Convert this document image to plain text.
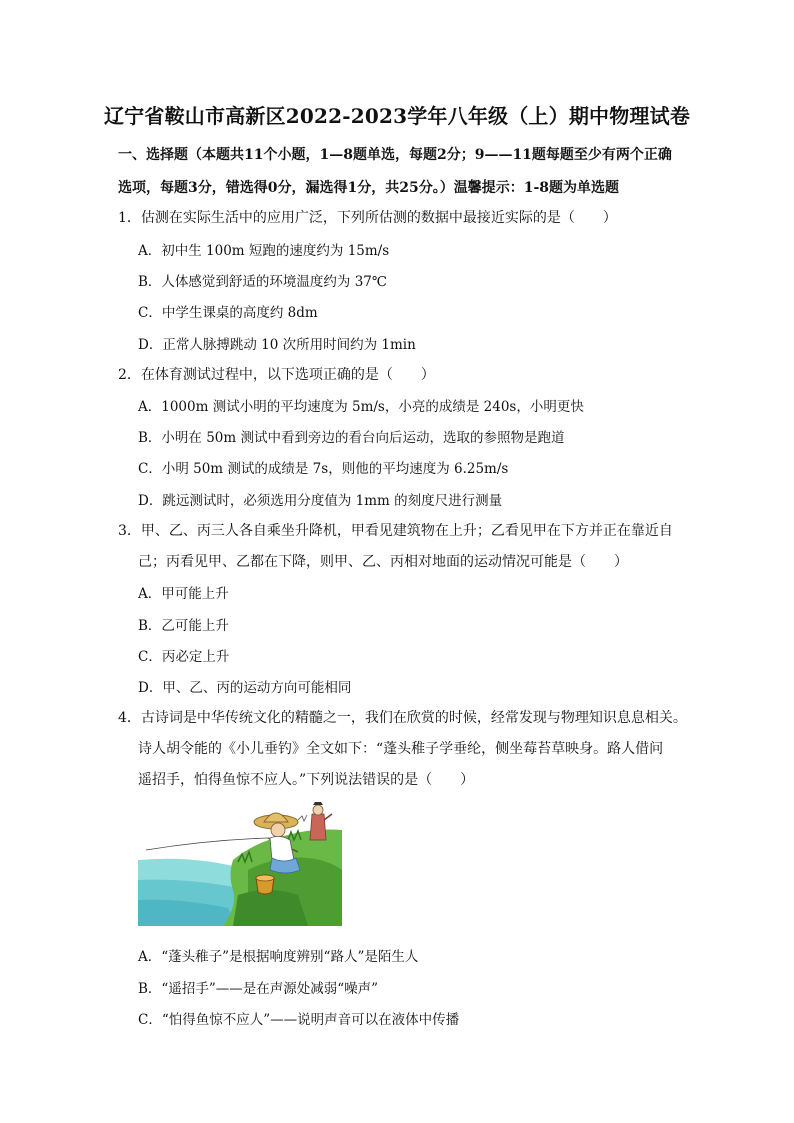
辽宁省鞍山市高新区2022-2023学年八年级（上）期中物理试卷
一、选择题（本题共11个小题，1—8题单选，每题2分；9——11题每题至少有两个正确
选项，每题3分，错选得0分，漏选得1分，共25分。）温馨提示：1-8题为单选题
1．估测在实际生活中的应用广泛，下列所估测的数据中最接近实际的是（　　）
A．初中生 100m 短跑的速度约为 15m/s
B．人体感觉到舒适的环境温度约为 37℃
C．中学生课桌的高度约 8dm
D．正常人脉搏跳动 10 次所用时间约为 1min
2．在体育测试过程中，以下选项正确的是（　　）
A．1000m 测试小明的平均速度为 5m/s，小亮的成绩是 240s，小明更快
B．小明在 50m 测试中看到旁边的看台向后运动，选取的参照物是跑道
C．小明 50m 测试的成绩是 7s，则他的平均速度为 6.25m/s
D．跳远测试时，必须选用分度值为 1mm 的刻度尺进行测量
3．甲、乙、丙三人各自乘坐升降机，甲看见建筑物在上升；乙看见甲在下方并正在靠近自
己；丙看见甲、乙都在下降，则甲、乙、丙相对地面的运动情况可能是（　　）
A．甲可能上升
B．乙可能上升
C．丙必定上升
D．甲、乙、丙的运动方向可能相同
4．古诗词是中华传统文化的精髓之一，我们在欣赏的时候，经常发现与物理知识息息相关。
诗人胡令能的《小儿垂钓》全文如下：“蓬头稚子学垂纶，侧坐莓苔草映身。路人借问
遥招手，怕得鱼惊不应人。”下列说法错误的是（　　）
A．“蓬头稚子”是根据响度辨别“路人”是陌生人
B．“遥招手”——是在声源处减弱“噪声”
C．“怕得鱼惊不应人”——说明声音可以在液体中传播
